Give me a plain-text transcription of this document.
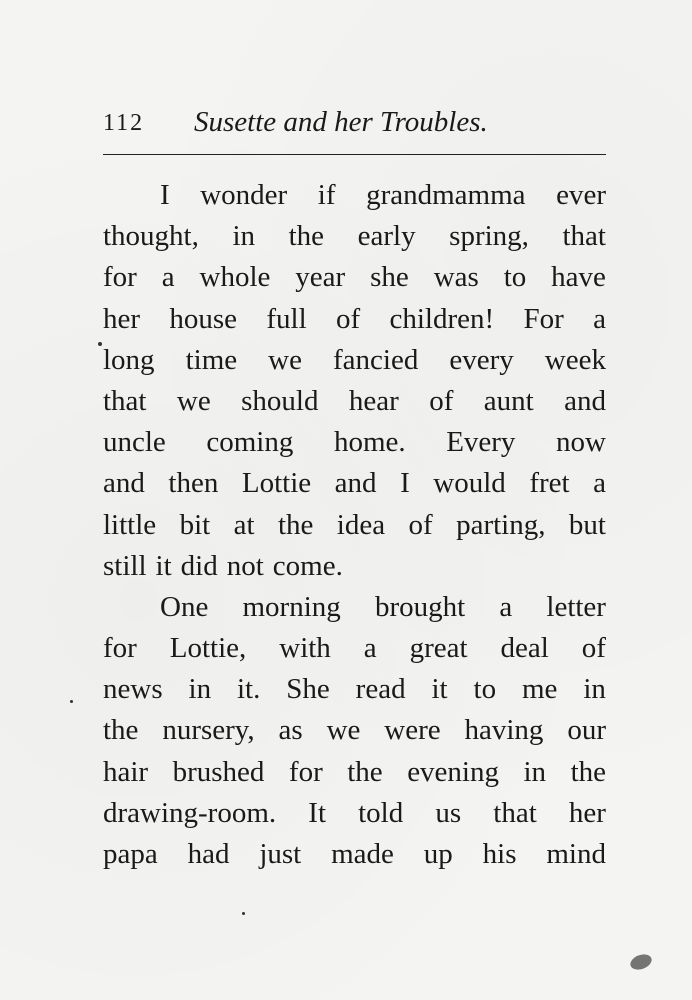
112 Susette and her Troubles.
I wonder if grandmamma ever
thought, in the early spring, that
for a whole year she was to have
her house full of children! For a
long time we fancied every week
that we should hear of aunt and
uncle coming home. Every now
and then Lottie and I would fret a
little bit at the idea of parting, but
still it did not come.
One morning brought a letter
for Lottie, with a great deal of
news in it. She read it to me in
the nursery, as we were having our
hair brushed for the evening in the
drawing-room. It told us that her
papa had just made up his mind
